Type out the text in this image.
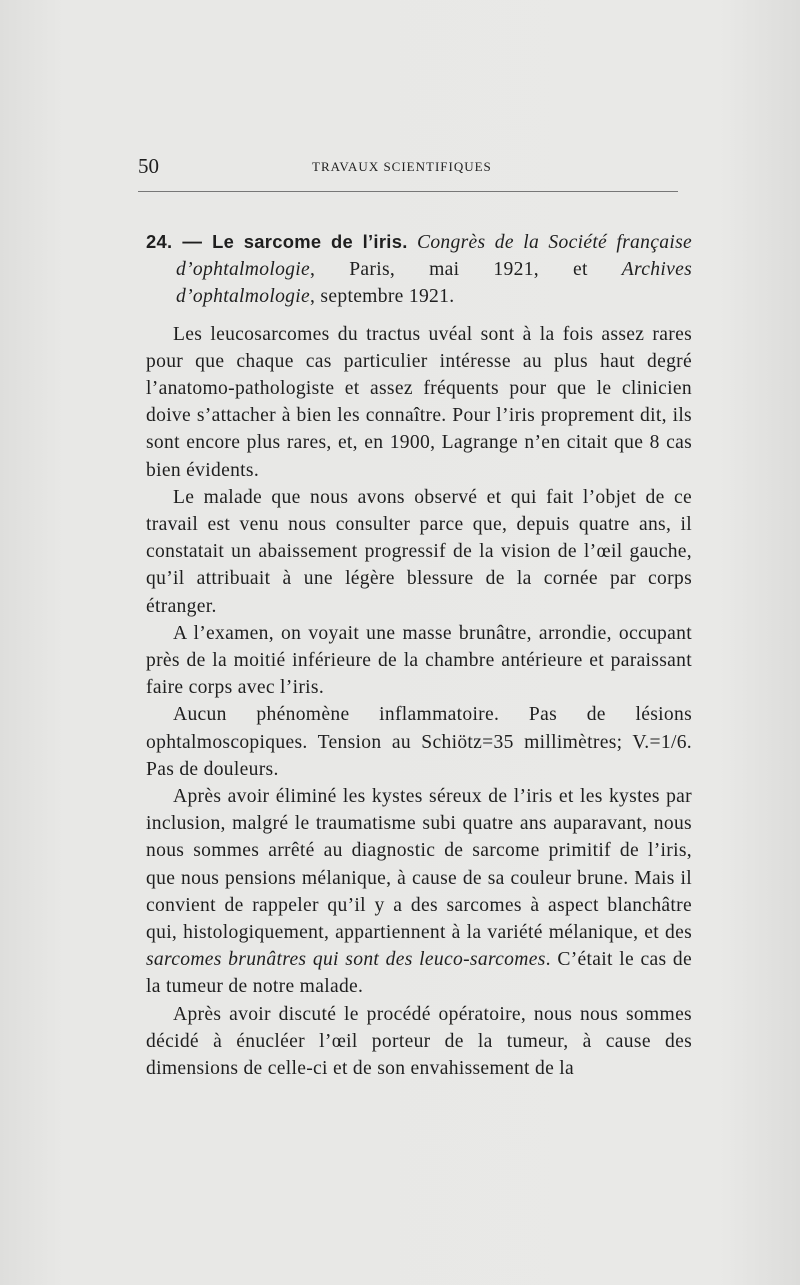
50	TRAVAUX SCIENTIFIQUES

24. — Le sarcome de l’iris. Congrès de la Société française d’ophtalmologie, Paris, mai 1921, et Archives d’ophtalmologie, septembre 1921.

Les leucosarcomes du tractus uvéal sont à la fois assez rares pour que chaque cas particulier intéresse au plus haut degré l’anatomo-pathologiste et assez fréquents pour que le clinicien doive s’attacher à bien les connaître. Pour l’iris proprement dit, ils sont encore plus rares, et, en 1900, Lagrange n’en citait que 8 cas bien évidents.

Le malade que nous avons observé et qui fait l’objet de ce travail est venu nous consulter parce que, depuis quatre ans, il constatait un abaissement progressif de la vision de l’œil gauche, qu’il attribuait à une légère blessure de la cornée par corps étranger.

A l’examen, on voyait une masse brunâtre, arrondie, occupant près de la moitié inférieure de la chambre antérieure et paraissant faire corps avec l’iris.

Aucun phénomène inflammatoire. Pas de lésions ophtalmoscopiques. Tension au Schiötz=35 millimètres; V.=1/6. Pas de douleurs.

Après avoir éliminé les kystes séreux de l’iris et les kystes par inclusion, malgré le traumatisme subi quatre ans auparavant, nous nous sommes arrêté au diagnostic de sarcome primitif de l’iris, que nous pensions mélanique, à cause de sa couleur brune. Mais il convient de rappeler qu’il y a des sarcomes à aspect blanchâtre qui, histologiquement, appartiennent à la variété mélanique, et des sarcomes brunâtres qui sont des leuco-sarcomes. C’était le cas de la tumeur de notre malade.

Après avoir discuté le procédé opératoire, nous nous sommes décidé à énucléer l’œil porteur de la tumeur, à cause des dimensions de celle-ci et de son envahissement de la
